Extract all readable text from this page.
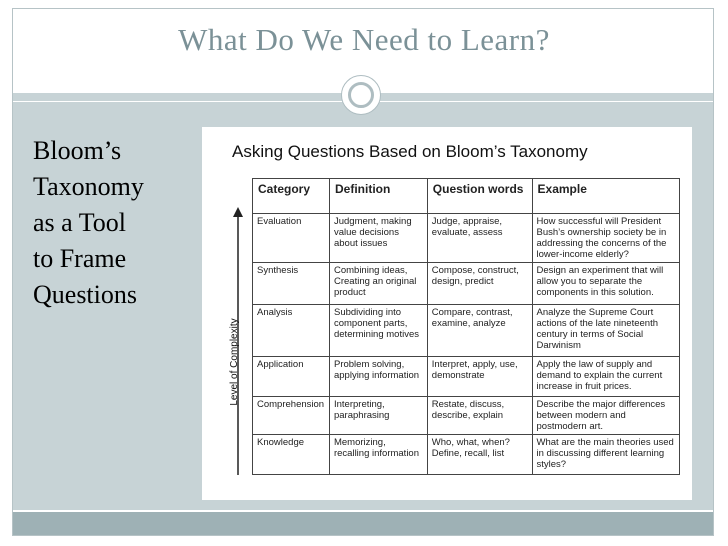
What Do We Need to Learn?
Bloom’s
Taxonomy
as a Tool
to Frame
Questions
Asking Questions Based on Bloom’s Taxonomy
Level of Complexity
Category	Definition	Question words	Example
Evaluation	Judgment, making value decisions about issues	Judge, appraise, evaluate, assess	How successful will President Bush’s ownership society be in addressing the concerns of the lower-income elderly?
Synthesis	Combining ideas, Creating an original product	Compose, construct, design, predict	Design an experiment that will allow you to separate the components in this solution.
Analysis	Subdividing into component parts, determining motives	Compare, contrast, examine, analyze	Analyze the Supreme Court actions of the late nineteenth century in terms of Social Darwinism
Application	Problem solving, applying information	Interpret, apply, use, demonstrate	Apply the law of supply and demand to explain the current increase in fruit prices.
Comprehension	Interpreting, paraphrasing	Restate, discuss, describe, explain	Describe the major differences between modern and postmodern art.
Knowledge	Memorizing, recalling information	Who, what, when? Define, recall, list	What are the main theories used in discussing different learning styles?
